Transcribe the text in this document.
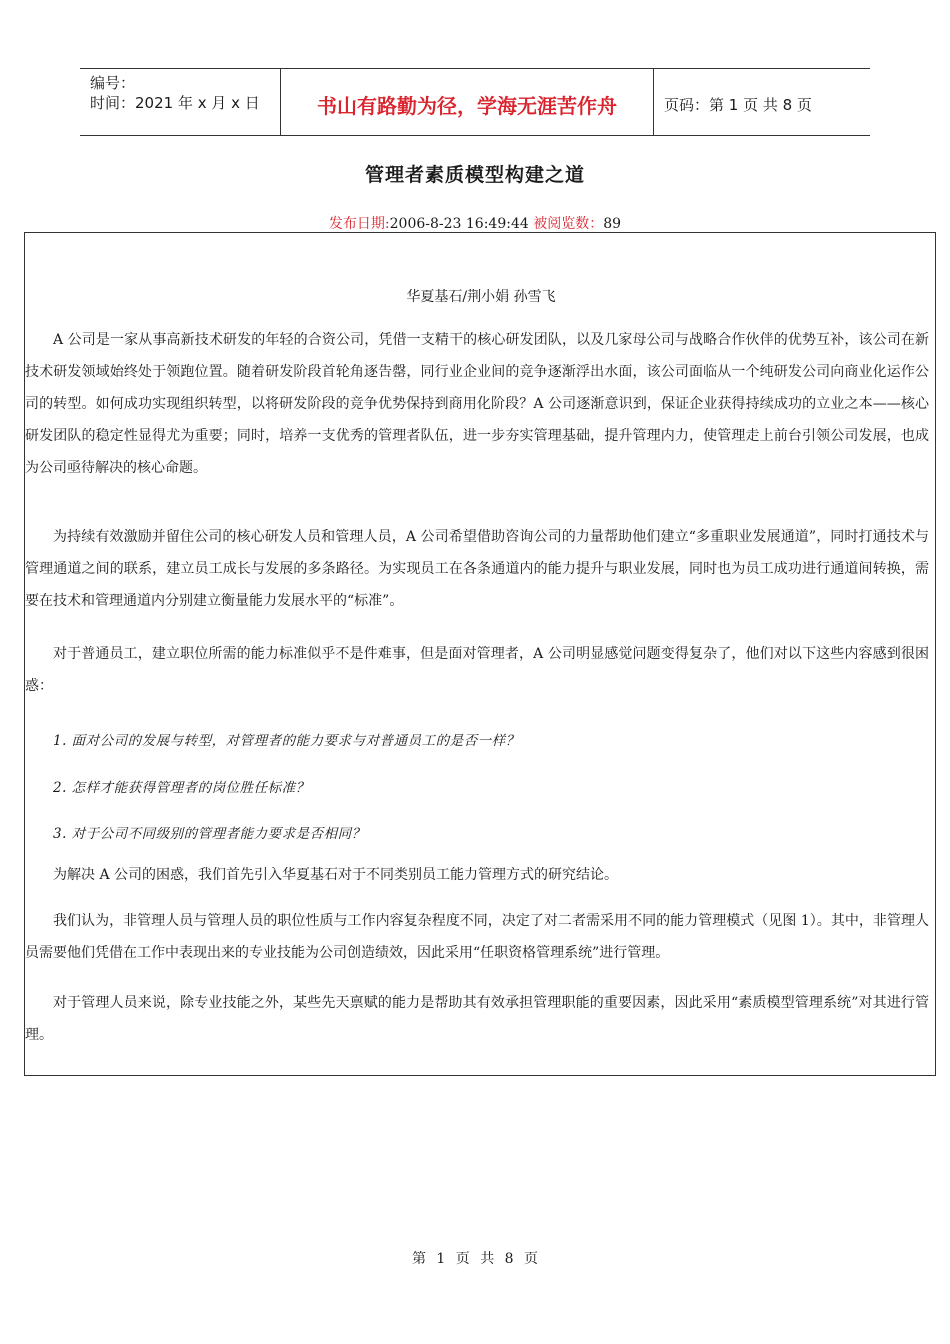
编号：
时间：2021 年 x 月 x 日	书山有路勤为径，学海无涯苦作舟	页码：第 1 页 共 8 页
管理者素质模型构建之道
发布日期:2006-8-23 16:49:44 被阅览数：89
华夏基石/荆小娟 孙雪飞
A 公司是一家从事高新技术研发的年轻的合资公司，凭借一支精干的核心研发团队，以及几家母公司与战略合作伙伴的优势互补，该公司在新技术研发领域始终处于领跑位置。随着研发阶段首轮角逐告罄，同行业企业间的竞争逐渐浮出水面，该公司面临从一个纯研发公司向商业化运作公司的转型。如何成功实现组织转型，以将研发阶段的竞争优势保持到商用化阶段？A 公司逐渐意识到，保证企业获得持续成功的立业之本——核心研发团队的稳定性显得尤为重要；同时，培养一支优秀的管理者队伍，进一步夯实管理基础，提升管理内力，使管理走上前台引领公司发展，也成为公司亟待解决的核心命题。
为持续有效激励并留住公司的核心研发人员和管理人员，A 公司希望借助咨询公司的力量帮助他们建立“多重职业发展通道”，同时打通技术与管理通道之间的联系，建立员工成长与发展的多条路径。为实现员工在各条通道内的能力提升与职业发展，同时也为员工成功进行通道间转换，需要在技术和管理通道内分别建立衡量能力发展水平的“标准”。
对于普通员工，建立职位所需的能力标准似乎不是件难事，但是面对管理者，A 公司明显感觉问题变得复杂了，他们对以下这些内容感到很困惑：
1. 面对公司的发展与转型，对管理者的能力要求与对普通员工的是否一样？
2. 怎样才能获得管理者的岗位胜任标准？
3. 对于公司不同级别的管理者能力要求是否相同？
为解决 A 公司的困惑，我们首先引入华夏基石对于不同类别员工能力管理方式的研究结论。
我们认为，非管理人员与管理人员的职位性质与工作内容复杂程度不同，决定了对二者需采用不同的能力管理模式（见图 1）。其中，非管理人员需要他们凭借在工作中表现出来的专业技能为公司创造绩效，因此采用“任职资格管理系统”进行管理。
对于管理人员来说，除专业技能之外，某些先天禀赋的能力是帮助其有效承担管理职能的重要因素，因此采用“素质模型管理系统”对其进行管理。
第 1 页 共 8 页
